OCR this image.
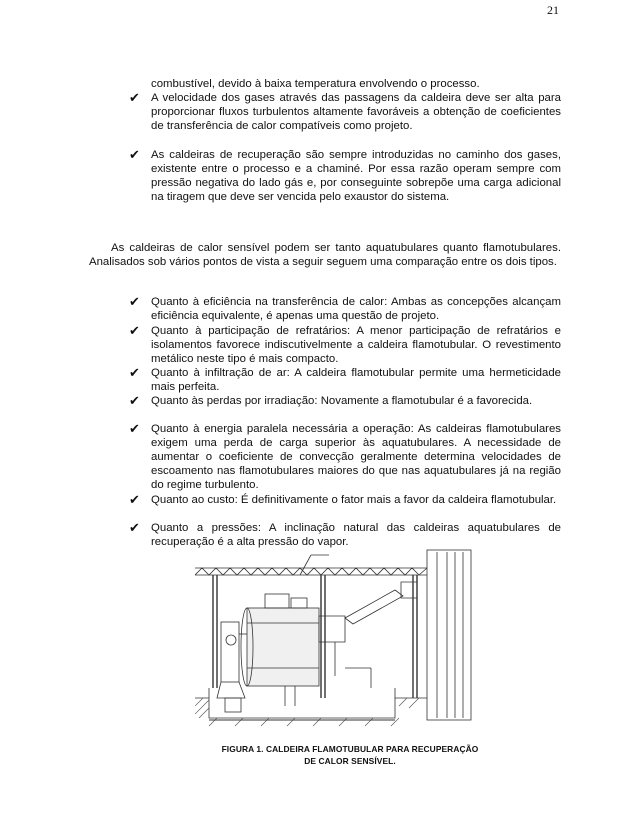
21
combustível, devido à baixa temperatura envolvendo o processo.
✔ A velocidade dos gases através das passagens da caldeira deve ser alta para proporcionar fluxos turbulentos altamente favoráveis a obtenção de coeficientes de transferência de calor compatíveis como projeto.
✔ As caldeiras de recuperação são sempre introduzidas no caminho dos gases, existente entre o processo e a chaminé. Por essa razão operam sempre com pressão negativa do lado gás e, por conseguinte sobrepõe uma carga adicional na tiragem que deve ser vencida pelo exaustor do sistema.
As caldeiras de calor sensível podem ser tanto aquatubulares quanto flamotubulares. Analisados sob vários pontos de vista a seguir seguem uma comparação entre os dois tipos.
✔ Quanto à eficiência na transferência de calor: Ambas as concepções alcançam eficiência equivalente, é apenas uma questão de projeto.
✔ Quanto à participação de refratários: A menor participação de refratários e isolamentos favorece indiscutivelmente a caldeira flamotubular. O revestimento metálico neste tipo é mais compacto.
✔ Quanto à infiltração de ar: A caldeira flamotubular permite uma hermeticidade mais perfeita.
✔ Quanto às perdas por irradiação: Novamente a flamotubular é a favorecida.
✔ Quanto à energia paralela necessária a operação: As caldeiras flamotubulares exigem uma perda de carga superior às aquatubulares. A necessidade de aumentar o coeficiente de convecção geralmente determina velocidades de escoamento nas flamotubulares maiores do que nas aquatubulares já na região do regime turbulento.
✔ Quanto ao custo: É definitivamente o fator mais a favor da caldeira flamotubular.
✔ Quanto a pressões: A inclinação natural das caldeiras aquatubulares de recuperação é a alta pressão do vapor.
FIGURA 1. CALDEIRA FLAMOTUBULAR PARA RECUPERAÇÃO
DE CALOR SENSÍVEL.
